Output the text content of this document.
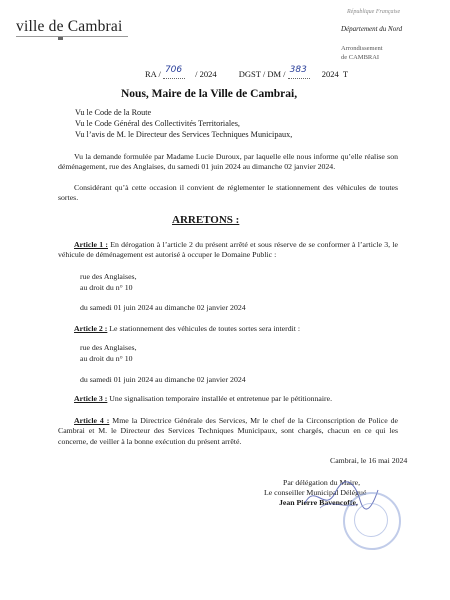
ville de Cambrai
République Française
Département du Nord
Arrondissement
de CAMBRAI
RA / 706 / 2024	DGST / DM / 383 2024 T
Nous, Maire de la Ville de Cambrai,
Vu le Code de la Route
Vu le Code Général des Collectivités Territoriales,
Vu l’avis de M. le Directeur des Services Techniques Municipaux,
Vu la demande formulée par Madame Lucie Duroux, par laquelle elle nous informe qu’elle réalise son déménagement, rue des Anglaises, du samedi 01 juin 2024 au dimanche 02 janvier 2024.
Considérant qu’à cette occasion il convient de réglementer le stationnement des véhicules de toutes sortes.
ARRETONS :
Article 1 : En dérogation à l’article 2 du présent arrêté et sous réserve de se conformer à l’article 3, le véhicule de déménagement est autorisé à occuper le Domaine Public :
rue des Anglaises,
au droit du n° 10
du samedi 01 juin 2024 au dimanche 02 janvier 2024
Article 2 : Le stationnement des véhicules de toutes sortes sera interdit :
rue des Anglaises,
au droit du n° 10
du samedi 01 juin 2024 au dimanche 02 janvier 2024
Article 3 : Une signalisation temporaire installée et entretenue par le pétitionnaire.
Article 4 : Mme la Directrice Générale des Services, Mr le chef de la Circonscription de Police de Cambrai et M. le Directeur des Services Techniques Municipaux, sont chargés, chacun en ce qui les concerne, de veiller à la bonne exécution du présent arrêté.
Cambrai, le 16 mai 2024
Par délégation du Maire,
Le conseiller Municipal Délégué
Jean Pierre Bavencoffe,
